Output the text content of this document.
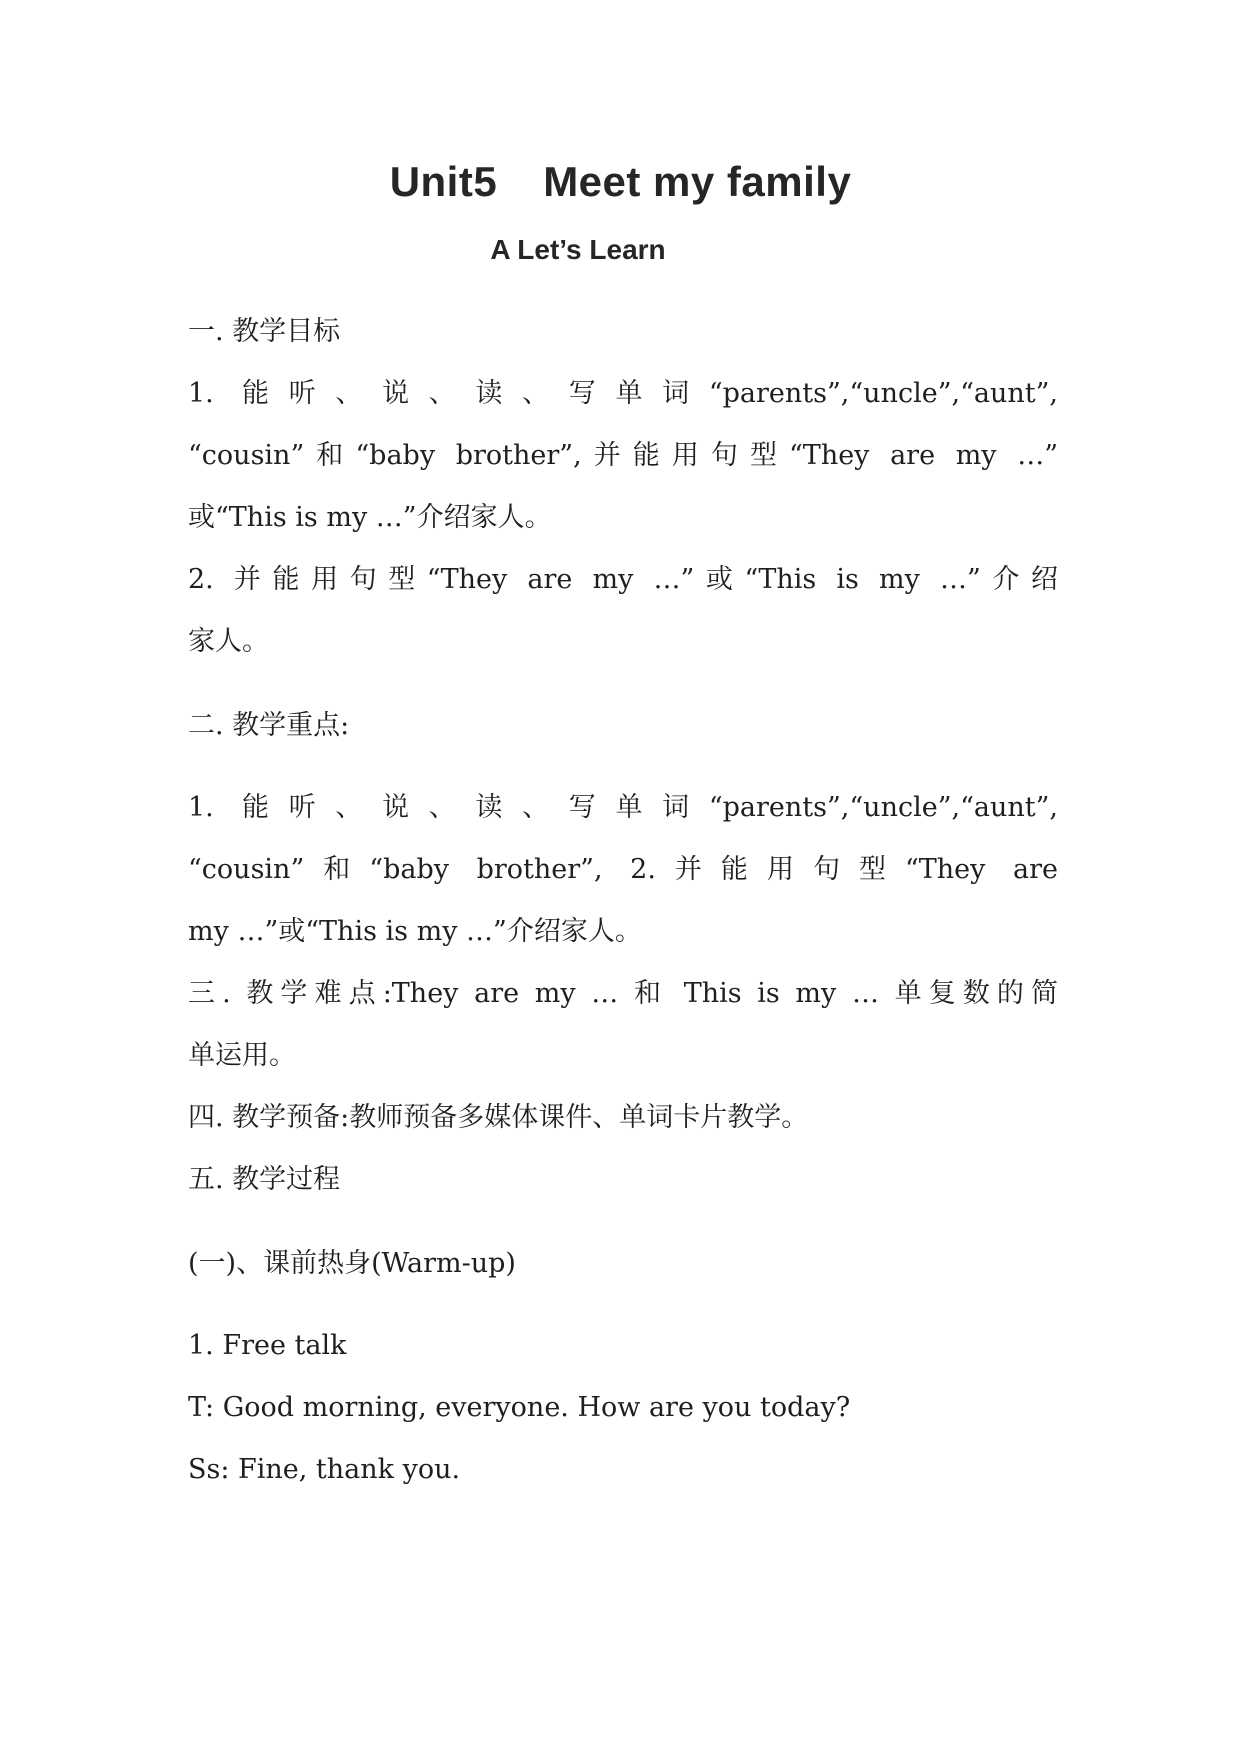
Unit5 Meet my family

A Let’s Learn

一. 教学目标

1. 能听、说、读、写单词“parents”,“uncle”,“aunt”,

“cousin”和“baby brother”,并能用句型“They are my …”

或“This is my …”介绍家人。

2. 并能用句型“They are my …”或“This is my …”介绍

家人。

二. 教学重点:

1. 能听、说、读、写单词“parents”,“uncle”,“aunt”,

“cousin”和“baby brother”, 2.并能用句型“They are

my …”或“This is my …”介绍家人。

三. 教学难点:They are my … 和 This is my … 单复数的简

单运用。

四. 教学预备:教师预备多媒体课件、单词卡片教学。

五. 教学过程

(一)、课前热身(Warm-up)

1. Free talk

T: Good morning, everyone. How are you today?

Ss: Fine, thank you.
